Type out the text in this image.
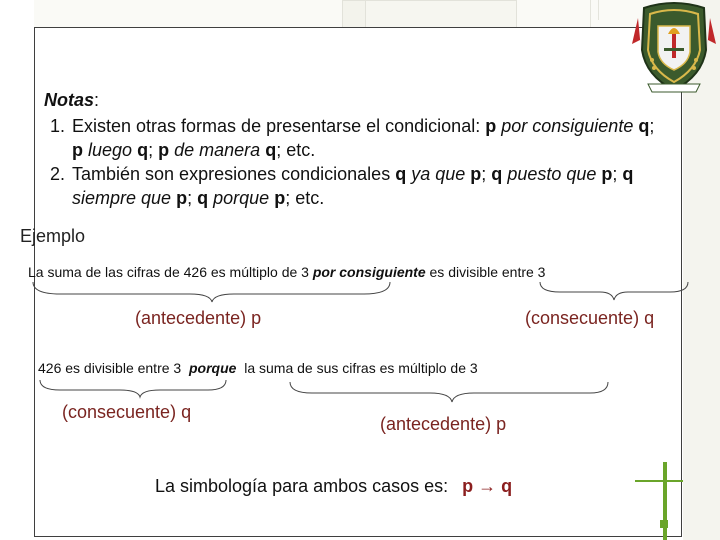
Notas:
1. Existen otras formas de presentarse el condicional: p por consiguiente q; p luego q; p de manera q; etc.
2. También son expresiones condicionales q ya que p; q puesto que p; q siempre que p; q porque p; etc.
Ejemplo
La suma de las cifras de 426 es múltiplo de 3 por consiguiente es divisible entre 3
(antecedente) p	(consecuente) q
426 es divisible entre 3 porque la suma de sus cifras es múltiplo de 3
(consecuente) q
(antecedente) p
La simbología para ambos casos es: p → q
